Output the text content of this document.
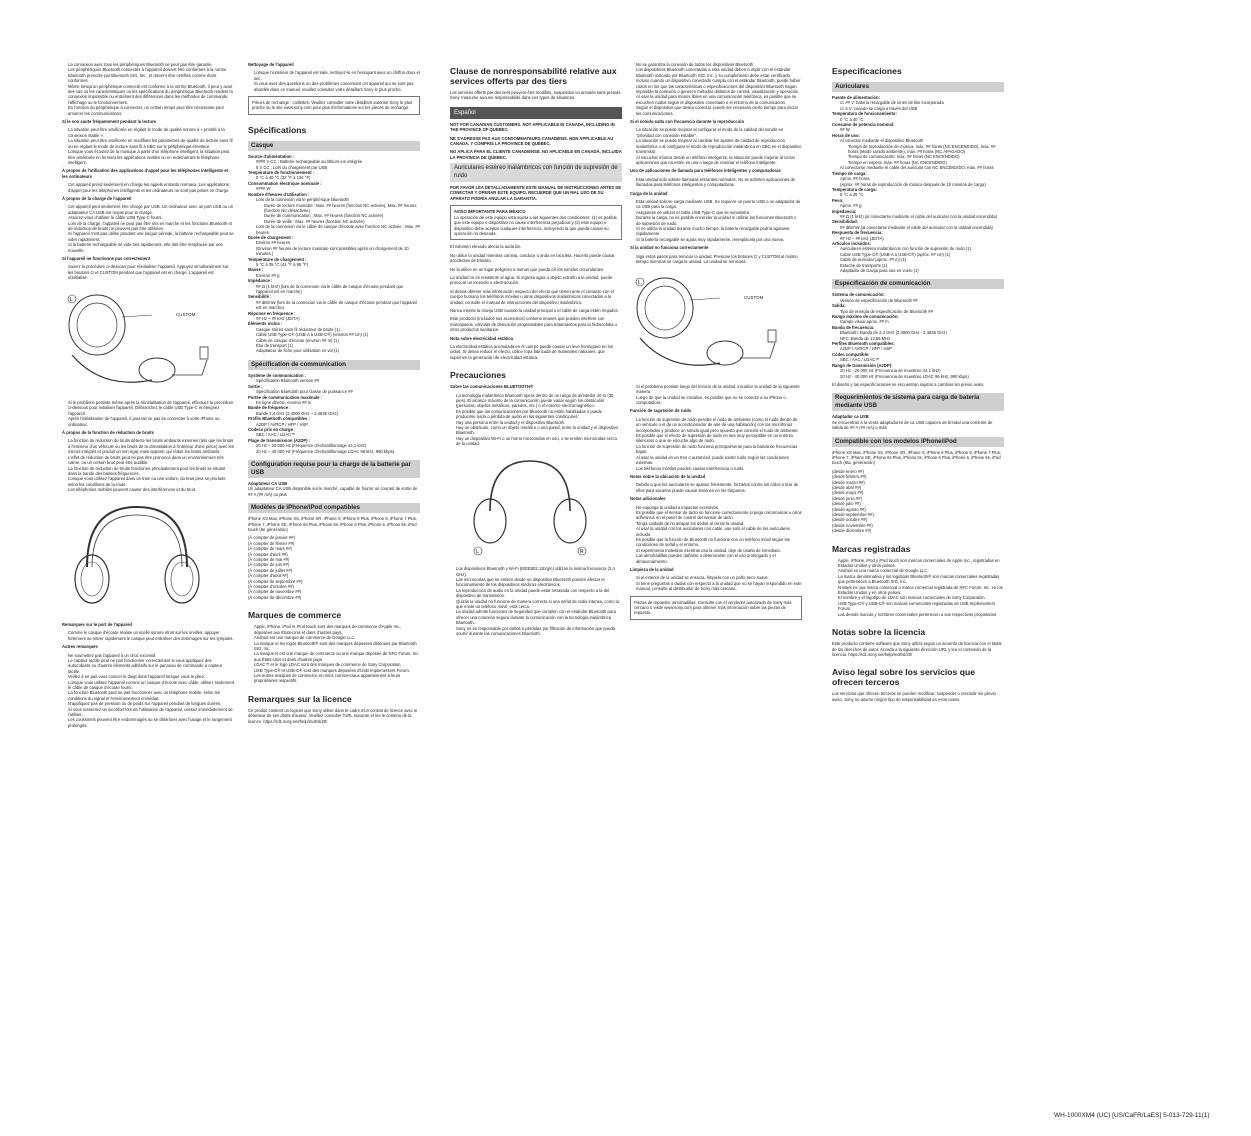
• La connexion avec tous les périphériques Bluetooth ne peut pas être garantie.
• Les périphériques Bluetooth connectés à l'appareil doivent être conformes à la norme Bluetooth prescrite par Bluetooth SIG, Inc., et doivent être certifiés comme étant conformes.
• Même lorsqu'un périphérique connecté est conforme à la norme Bluetooth, il peut y avoir des cas où les caractéristiques ou les spécifications du périphérique Bluetooth rendent la connexion impossible ou entraînent des différences dans les méthodes de commande, l'affichage ou le fonctionnement.
• En fonction du périphérique à connecter, un certain temps peut être nécessaire pour amorcer les communications.
Si le son saute fréquemment pendant la lecture
• La situation peut être améliorée en réglant le mode de qualité sonore à « priorité à la connexion stable ».
• La situation peut être améliorée en modifiant les paramètres de qualité de lecture sans fil ou en réglant le mode de lecture sans fil à SBC sur le périphérique émetteur.
• Lorsque vous écoutez de la musique à partir d'un téléphone intelligent, la situation peut être améliorée en fermant les applications inutiles ou en redémarrant le téléphone intelligent.
À propos de l'utilisation des applications d'appel pour les téléphones intelligents et les ordinateurs
• Cet appareil prend seulement en charge les appels entrants normaux. Les applications d'appel pour les téléphones intelligents et les ordinateurs ne sont pas prises en charge.
À propos de la charge de l'appareil
• Cet appareil peut seulement être chargé par USB. Un ordinateur avec un port USB ou un adaptateur CA USB est requis pour la charge.
• Assurez-vous d'utiliser le câble USB Type-C fourni.
• Lors de la charge, l'appareil ne peut pas être mis en marche et les fonctions Bluetooth et de réduction de bruits ne peuvent pas être utilisées.
• Si l'appareil n'est pas utilisé pendant une longue période, la batterie rechargeable peut se vider rapidement.
• Si la batterie rechargeable se vide très rapidement, elle doit être remplacée par une nouvelle.
Si l'appareil ne fonctionne pas correctement
• Suivez la procédure ci-dessous pour réinitialiser l'appareil. Appuyez simultanément sur les boutons ⏻ et CUSTOM pendant que l'appareil est en charge. L'appareil est réinitialisé.
L
CUSTOM
• Si le problème persiste même après la réinitialisation de l'appareil, effectuez la procédure ci-dessous pour initialiser l'appareil. Débranchez le câble USB Type-C et éteignez l'appareil.
• Après l'initialisation de l'appareil, il pourrait ne pas se connecter à votre iPhone ou ordinateur.
À propos de la fonction de réduction de bruits
• La fonction de réduction de bruits détecte les bruits ambiants externes (tels que les bruits à l'intérieur d'un véhicule ou les bruits de la climatisation à l'intérieur d'une pièce) avec les micros intégrés et produit un son égal, mais opposé, qui réduit les bruits ambiants.
• L'effet de réduction de bruits peut ne pas être prononcé dans un environnement très calme, ou un certain bruit peut être audible.
• La fonction de réduction de bruits fonctionne principalement pour les bruits se situant dans la bande des basses fréquences.
• Lorsque vous utilisez l'appareil dans un train ou une voiture, du bruit peut se produire selon les conditions de la route.
• Les téléphones mobiles peuvent causer des interférences et du bruit.
Remarques sur le port de l'appareil
• Comme le casque d'écoute réalise un scellé sonore étroit sur les oreilles, appuyer fortement ou retirer rapidement le casque peut entraîner des dommages sur les tympans.
Autres remarques
• Ne soumettez pas l'appareil à un choc excessif.
• Le capteur tactile peut ne pas fonctionner correctement si vous appliquez des autocollants ou d'autres éléments adhésifs sur le panneau de commande à capteur tactile.
• Veillez à ne pas vous coincer le doigt dans l'appareil lorsque vous le pliez.
• Lorsque vous utilisez l'appareil comme un casque d'écoute avec câble, utilisez seulement le câble de casque d'écoute fourni.
• La fonction Bluetooth peut ne pas fonctionner avec un téléphone mobile, selon les conditions du signal et l'environnement immédiat.
• N'appliquez pas de pression ou de poids sur l'appareil pendant de longues durées.
• Si vous ressentez un inconfort lors de l'utilisation de l'appareil, cessez immédiatement de l'utiliser.
• Les coussinets peuvent être endommagés ou se détériorer avec l'usage et le rangement prolongés.
Nettoyage de l'appareil
• Lorsque l'extérieur de l'appareil est sale, nettoyez-le en l'essuyant avec un chiffon doux et sec.
• Si vous avez des questions ou des problèmes concernant cet appareil qui ne sont pas abordés dans ce manuel, veuillez consulter votre détaillant Sony le plus proche.
Pièces de rechange : coillettes. Veuillez consulter votre détaillant autorisé Sony le plus proche ou le site www.sony.com pour plus d'informations sur les pièces de rechange.
Spécifications
Casque
Source d'alimentation :
#### V CC : Batterie rechargeable au lithium-ion intégrée
5 V CC : Lors du chargement par USB
Température de fonctionnement :
0 °C à 40 °C (32 °F à 104 °F)
Consommation électrique nominale :
#### W
Nombre d'heures d'utilisation :
Lors de la connexion via le périphérique Bluetooth
Durée de lecture musicale : Max. ## heures (fonction NC activée), Max. ## heures (fonction NC désactivée)
Durée de communication : Max. ## heures (fonction NC activée)
Durée de veille : Max. ## heures (fonction NC activée)
Lors de la connexion via le câble de casque d'écoute avec fonction NC activée : Max. ## heures
Durée de chargement :
Environ ## heures
(Environ ## heures de lecture musicale sont possibles après un chargement de 10 minutes.)
Température de chargement :
5 °C à 35 °C (41 °F à 95 °F)
Masse :
Environ ## g
Impédance :
## Ω (1 kHz) (lors de la connexion via le câble de casque d'écoute pendant que l'appareil est en marche)
Sensibilité :
## dB/mW (lors de la connexion via le câble de casque d'écoute pendant que l'appareil est en marche)
Réponse en fréquence :
## Hz – ## kHz (JEITA)
Éléments inclus :
Casque stéréo sans fil réducteur de bruits (1)
Câble USB Type-C® (USB-A à USB-C®) (environ ## cm) (1)
Câble de casque d'écoute (environ ## m) (1)
Étui de transport (1)
Adaptateur de fiche pour utilisation en vol (1)
Spécification de communication
Système de communication :
Spécification Bluetooth version ##
Sortie :
Spécification Bluetooth pour classe de puissance ##
Portée de communication maximale :
En ligne directe, environ ## m
Bande de fréquence :
Bande 2,4 GHz (2,4000 GHz – 2,4835 GHz)
Profils Bluetooth compatibles :
A2DP / AVRCP / HFP / HSP
Codecs pris en charge :
SBC / AAC / LDAC™
Plage de transmission (A2DP) :
20 Hz – 20 000 Hz (Fréquence d'échantillonnage 44,1 kHz)
20 Hz – 40 000 Hz (Fréquence d'échantillonnage LDAC 96 kHz, 990 kbps)
Configuration requise pour la charge de la batterie par USB
Adaptateur CA USB
Un adaptateur CA USB disponible sur le marché, capable de fournir un courant de sortie de ## A (## mA) ou plus
Modèles de iPhone/iPod compatibles
iPhone XS Max, iPhone XS, iPhone XR, iPhone X, iPhone 8 Plus, iPhone 8, iPhone 7 Plus, iPhone 7, iPhone SE, iPhone 6s Plus, iPhone 6s, iPhone 6 Plus, iPhone 6, iPhone 5s, iPod touch (6e génération)
(À compter de janvier ##)
(À compter de février ##)
(À compter de mars ##)
(À compter d'avril ##)
(À compter de mai ##)
(À compter de juin ##)
(À compter de juillet ##)
(À compter d'août ##)
(À compter de septembre ##)
(À compter d'octobre ##)
(À compter de novembre ##)
(À compter de décembre ##)
Marques de commerce
• Apple, iPhone, iPod et iPod touch sont des marques de commerce d'Apple Inc., déposées aux États-Unis et dans d'autres pays.
• Android est une marque de commerce de Google LLC.
• La marque et les logos Bluetooth® sont des marques déposées détenues par Bluetooth SIG, Inc.
• La marque N est une marque de commerce ou une marque déposée de NFC Forum, Inc. aux États-Unis et dans d'autres pays.
• LDAC™ et le logo LDAC sont des marques de commerce de Sony Corporation.
• USB Type-C® et USB-C® sont des marques déposées d'USB Implementers Forum.
• Les autres marques de commerce et noms commerciaux appartiennent à leurs propriétaires respectifs.
Remarques sur la licence
Ce produit contient un logiciel que Sony utilise dans le cadre d'un contrat de licence avec le détenteur de ses droits d'auteur. Veuillez consulter l'URL suivante et lire le contenu de la licence. https://rd1.sony.net/help/mdr/sl/20/
Clause de nonresponsabilité relative aux services offerts par des tiers
Les services offerts par des tiers peuvent être modifiés, suspendus ou annulés sans préavis. Sony n'assume aucune responsabilité dans ces types de situations.
Español
NOT FOR CANADIAN CUSTOMERS. NOT APPLICABLE IN CANADA, INCLUDING IN THE PROVINCE OF QUEBEC.
NE S'ADRESSE PAS AUX CONSOMMATEURS CANADIENS. NON APPLICABLE AU CANADA, Y COMPRIS LA PROVINCE DE QUÉBEC.
NO APLICA PARA EL CLIENTE CANADIENSE. NO APLICABLE EN CANADÁ, INCLUIDA LA PROVINCIA DE QUEBEC.
Auriculares estéreo inalámbricos con función de supresión de ruido
POR FAVOR LEA DETALLADAMENTE ESTE MANUAL DE INSTRUCCIONES ANTES DE CONECTAR Y OPERAR ESTE EQUIPO. RECUERDE QUE UN MAL USO DE SU APARATO PODRÍA ANULAR LA GARANTÍA.
AVISO IMPORTANTE PARA MÉXICO
La operación de este equipo está sujeta a las siguientes dos condiciones: (1) es posible que este equipo o dispositivo no cause interferencia perjudicial y (2) este equipo o dispositivo debe aceptar cualquier interferencia, incluyendo la que pueda causar su operación no deseada.
El volumen elevado afecta la audición.
No utilice la unidad mientras camina, conduce o anda en bicicleta. Hacerlo puede causar accidentes de tránsito.
No la utilice en un lugar peligroso a menos que pueda oír los sonidos circundantes.
La unidad no es resistente al agua. Si ingresa agua u objeto extraño a la unidad, puede provocar un incendio o electrocución.
Si desea obtener más información respecto del efecto que tienen ante el contacto con el cuerpo humano los teléfonos móviles u otros dispositivos inalámbricos conectados a la unidad, consulte el manual de instrucciones del dispositivo inalámbrico.
Nunca inserte la clavija USB cuando la unidad principal o el cable de carga estén mojados.
Este producto (incluidos sus accesorios) contiene imanes que pueden interferir con marcapasos, válvulas de derivación programables para tratamientos para la hidrocefalia u otros productos sanitarios.
Nota sobre electricidad estática
La electricidad estática acumulada en el cuerpo puede causar un leve hormigueo en los oídos. Si desea reducir el efecto, utilice ropa fabricada de materiales naturales, que suprimen la generación de electricidad estática.
Precauciones
Sobre las comunicaciones BLUETOOTH®
• La tecnología inalámbrica Bluetooth opera dentro de un rango de alrededor 10 m (30 pies). El alcance máximo de la comunicación puede variar según los obstáculos (personas, objetos metálicos, paredes, etc.) o el entorno electromagnético.
• Es posible que las comunicaciones por Bluetooth no estén habilitadas o puede producirse ruido o pérdida de audio en las siguientes condiciones:
• Hay una persona entre la unidad y el dispositivo Bluetooth.
• Hay un obstáculo, como un objeto metálico o una pared, entre la unidad y el dispositivo Bluetooth.
• Hay un dispositivo Wi-Fi o un horno microondas en uso, o se emiten microondas cerca de la unidad.
L	R
• Los dispositivos Bluetooth y Wi-Fi (IEEE802.11b/g/n) utilizan la misma frecuencia (2,4 GHz).
• Las microondas que se emiten desde un dispositivo Bluetooth pueden afectar el funcionamiento de los dispositivos médicos electrónicos.
• La reproducción de audio en la unidad puede estar retrasada con respecto a la del dispositivo de transmisión.
• Quizás la unidad no funcione de manera correcta si una señal de radio intensa, como la que emite un teléfono móvil, está cerca.
• La unidad admite funciones de seguridad que cumplen con el estándar Bluetooth para ofrecer una conexión segura durante la comunicación con la tecnología inalámbrica Bluetooth.
• Sony no es responsable por daños o pérdidas por filtración de información que pueda ocurrir durante las comunicaciones Bluetooth.
• No se garantiza la conexión de todos los dispositivos Bluetooth.
• Los dispositivos Bluetooth conectados a esta unidad deben cumplir con el estándar Bluetooth indicado por Bluetooth SIG, Inc. y su cumplimiento debe estar certificado.
• Incluso cuando un dispositivo conectado cumpla con el estándar Bluetooth, puede haber casos en los que las características o especificaciones del dispositivo Bluetooth hagan imposible la conexión o generen métodos distintos de control, visualización y operación.
• Al usar la unidad para manos libres en una comunicación telefónica, es posible que se escuchen ruidos según el dispositivo conectado o el entorno de la comunicación.
• Según el dispositivo que desea conectar, puede ser necesario cierto tiempo para iniciar las comunicaciones.
Si el sonido salta con frecuencia durante la reproducción
• La situación se puede mejorar al configurar el modo de la calidad del sonido en "prioridad con conexión estable".
• La situación se puede mejorar al cambiar los ajustes de calidad de reproducción inalámbrica o al configurar el modo de reproducción inalámbrica en SBC en el dispositivo transmisor.
• Al escuchar música desde un teléfono inteligente, la situación puede mejorar al cerrar aplicaciones que no estén en uso o luego de reiniciar el teléfono inteligente.
Uso de aplicaciones de llamada para teléfonos inteligentes y computadoras
• Esta unidad solo admite llamadas entrantes normales. No se admiten aplicaciones de llamadas para teléfonos inteligentes y computadoras.
Carga de la unidad
• Esta unidad solo se carga mediante USB. Se requiere un puerto USB o un adaptador de ca USB para la carga.
• Asegúrese de utilizar el cable USB Type-C que se suministra.
• Durante la carga, no es posible encender la unidad ni utilizar las funciones Bluetooth o de supresión de ruido.
• Si no utiliza la unidad durante mucho tiempo, la batería recargable podría agotarse rápidamente.
• Si la batería recargable se agota muy rápidamente, reemplácela por una nueva.
Si la unidad no funciona correctamente
• Siga estos pasos para reiniciar la unidad. Presione los botones ⏻ y CUSTOM al mismo tiempo mientras se carga la unidad. La unidad se reiniciará.
L
CUSTOM
• Si el problema persiste luego del reinicio de la unidad, inicialice la unidad de la siguiente manera.
• Luego de que la unidad se inicialice, es posible que no se conecte a su iPhone o computadora.
Función de supresión de ruido
• La función de supresión de ruido percibe el ruido de ambiente (como el ruido dentro de un vehículo o el de un acondicionador de aire de una habitación) con los micrófonos incorporados y produce un sonido igual pero opuesto que cancela el ruido de ambiente.
• Es posible que el efecto de supresión de ruido no sea muy perceptible en un entorno silencioso o que se escuche algo de ruido.
• La función de supresión de ruido funciona principalmente para la banda de frecuencias bajas.
• Al usar la unidad en un tren o automóvil, puede existir ruido según las condiciones externas.
• Los teléfonos móviles pueden causar interferencia o ruido.
Notas sobre la ubicación de la unidad
• Debido a que los auriculares se ajustan firmemente, forzarlos contra los oídos o tirar de ellos para sacarlos puede causar lesiones en los tímpanos.
Notas adicionales
• No exponga la unidad a impactos excesivos.
• Es posible que el sensor de tacto no funcione correctamente si pega calcomanías u otros adhesivos en el panel de control del sensor de tacto.
• Tenga cuidado de no atrapar los dedos al cerrar la unidad.
• Al usar la unidad con los auriculares con cable, use solo el cable de los auriculares incluido.
• Es posible que la función de Bluetooth no funcione con un teléfono móvil según las condiciones de señal y el entorno.
• Si experimenta molestias mientras usa la unidad, deje de usarla de inmediato.
• Las almohadillas pueden dañarse o deteriorarse con el uso prolongado y el almacenamiento.
Limpieza de la unidad
• Si el exterior de la unidad se ensucia, límpielo con un paño seco suave.
• Si tiene preguntas o dudas con respecto a la unidad que no se hayan respondido en este manual, consulte al distribuidor de Sony más cercano.
Piezas de repuesto: almohadillas. Consulte con el vendedor autorizado de Sony más cercano o visite www.sony.com para obtener más información sobre las piezas de repuesto.
Especificaciones
Auriculares
Fuente de alimentación:
cc ## V: batería recargable de iones de litio incorporada
cc 5 V: cuando se carga a través del USB
Temperatura de funcionamiento:
0 °C a 40 °C
Consumo de potencia nominal:
## W
Horas de uso:
Al conectar mediante el dispositivo Bluetooth
Tiempo de reproducción de música: máx. ## horas (NC ENCENDIDO), máx. ## horas (Modo sonido ambiente), máx. ## horas (NC APAGADO)
Tiempo de comunicación: máx. ## horas (NC ENCENDIDO)
Tiempo en espera: máx. ## horas (NC ENCENDIDO)
Al conectarse mediante el cable del auricular con NC ENCENDIDO: máx. ## horas
Tiempo de carga:
Aprox. ## horas
(Aprox. ## horas de reproducción de música después de 10 minutos de carga)
Temperatura de carga:
5 °C a 35 °C
Peso:
Aprox. ## g
Impedancia:
## Ω (1 kHz) (al conectarse mediante el cable del auricular con la unidad encendida)
Sensibilidad:
## dB/mW (al conectarse mediante el cable del auricular con la unidad encendida)
Respuesta de frecuencia:
## Hz – ## kHz (JEITA)
Artículos incluidos:
Auriculares estéreo inalámbricos con función de supresión de ruido (1)
Cable USB Type-C® (USB-A a USB-C®) (aprox. ## cm) (1)
Cable de auricular (aprox. ## m) (1)
Estuche de transporte (1)
Adaptador de clavija para uso en vuelo (1)
Especificación de comunicación
Sistema de comunicación:
Versión de especificación de Bluetooth ##
Salida:
Tipo de energía de especificación de Bluetooth ##
Rango máximo de comunicación:
Campo visual aprox. ## m
Banda de frecuencia:
Bluetooth: Banda de 2,4 GHz (2,4000 GHz - 2,4835 GHz)
NFC: Banda de 13,56 MHz
Perfiles Bluetooth compatibles:
A2DP / AVRCP / HFP / HSP
Códec compatible:
SBC / AAC / LDAC™
Rango de transmisión (A2DP):
20 Hz - 20 000 Hz (Frecuencia de muestreo 44,1 kHz)
20 Hz - 40 000 Hz (Frecuencia de muestreo LDAC 96 kHz, 990 kbps)
El diseño y las especificaciones se encuentran sujetos a cambios sin previo aviso.
Requerimientos de sistema para carga de batería mediante USB
Adaptador ca USB
Se encuentran a la venta adaptadores de ca USB capaces de brindar una corriente de salida de ## A (## mA) o más
Compatible con los modelos iPhone/iPod
iPhone XS Max, iPhone XS, iPhone XR, iPhone X, iPhone 8 Plus, iPhone 8, iPhone 7 Plus, iPhone 7, iPhone SE, iPhone 6s Plus, iPhone 6s, iPhone 6 Plus, iPhone 6, iPhone 5s, iPod touch (6ta. generación)
(desde enero ##)
(desde febrero ##)
(desde marzo ##)
(desde abril ##)
(desde mayo ##)
(desde junio ##)
(desde julio ##)
(desde agosto ##)
(desde septiembre ##)
(desde octubre ##)
(desde noviembre ##)
(desde diciembre ##)
Marcas registradas
• Apple, iPhone, iPod y iPod touch son marcas comerciales de Apple Inc., registradas en Estados Unidos y otros países.
• Android es una marca comercial de Google LLC.
• La marca denominativa y los logotipos Bluetooth® son marcas comerciales registradas que pertenecen a Bluetooth SIG, Inc.
• N-Mark es una marca comercial o marca comercial registrada de NFC Forum, Inc. en los Estados Unidos y en otros países.
• El nombre y el logotipo de LDAC son marcas comerciales de Sony Corporation.
• USB Type-C® y USB-C® son marcas comerciales registradas de USB Implementers Forum.
• Las demás marcas y nombres comerciales pertenecen a sus respectivos propietarios.
Notas sobre la licencia
Este producto contiene software que Sony utiliza según un acuerdo de licencia con el titular de los derechos de autor. Acceda a la siguiente dirección URL y lea el contenido de la licencia. https://rd1.sony.net/help/mdr/sl/20/
Aviso legal sobre los servicios que ofrecen terceros
Los servicios que ofrecen terceros se pueden modificar, suspender o rescindir sin previo aviso. Sony no asume ningún tipo de responsabilidad en esos casos.
WH-1000XM4 (UC) [US/CaFR/LaES] 5-013-729-11(1)
